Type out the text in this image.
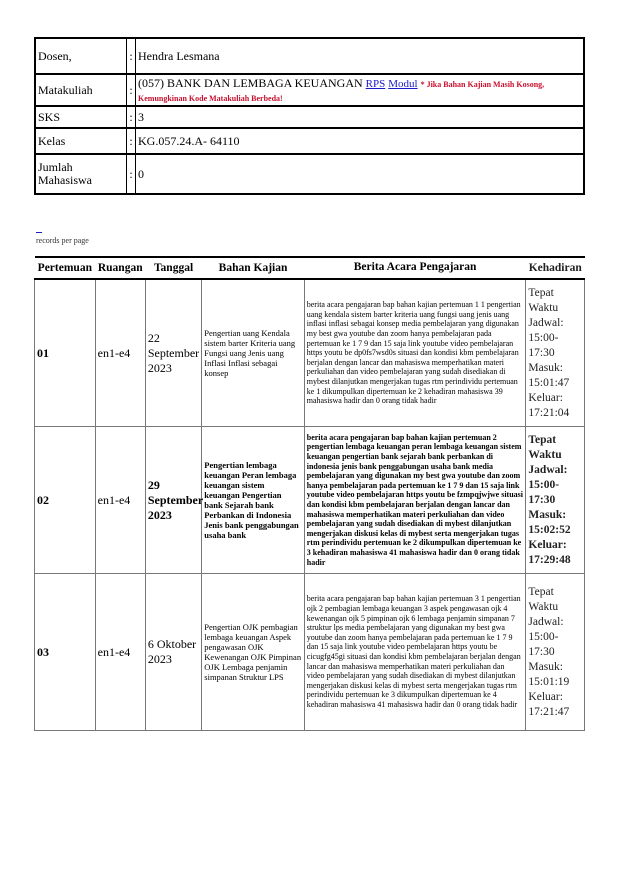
Dosen,	:	Hendra Lesmana
Matakuliah	:	(057) BANK DAN LEMBAGA KEUANGAN RPS Modul * Jika Bahan Kajian Masih Kosong, Kemungkinan Kode Matakuliah Berbeda!
SKS	:	3
Kelas	:	KG.057.24.A- 64110
Jumlah Mahasiswa	:	0
records per page
Pertemuan	Ruangan	Tanggal	Bahan Kajian	Berita Acara Pengajaran	Kehadiran
01	en1-e4	22 September 2023	Pengertian uang Kendala sistem barter Kriteria uang Fungsi uang Jenis uang Inflasi Inflasi sebagai konsep	berita acara pengajaran bap bahan kajian pertemuan 1 1 pengertian uang kendala sistem barter kriteria uang fungsi uang jenis uang inflasi inflasi sebagai konsep media pembelajaran yang digunakan my best gwa youtube dan zoom hanya pembelajaran pada pertemuan ke 1 7 9 dan 15 saja link youtube video pembelajaran https youtu be dp0fs7wsd0s situasi dan kondisi kbm pembelajaran berjalan dengan lancar dan mahasiswa memperhatikan materi perkuliahan dan video pembelajaran yang sudah disediakan di mybest dilanjutkan mengerjakan tugas rtm perindividu pertemuan ke 1 dikumpulkan dipertemuan ke 2 kehadiran mahasiswa 39 mahasiswa hadir dan 0 orang tidak hadir	Tepat Waktu Jadwal: 15:00-17:30 Masuk: 15:01:47 Keluar: 17:21:04
02	en1-e4	29 September 2023	Pengertian lembaga keuangan Peran lembaga keuangan sistem keuangan Pengertian bank Sejarah bank Perbankan di Indonesia Jenis bank penggabungan usaha bank	berita acara pengajaran bap bahan kajian pertemuan 2 pengertian lembaga keuangan peran lembaga keuangan sistem keuangan pengertian bank sejarah bank perbankan di indonesia jenis bank penggabungan usaha bank media pembelajaran yang digunakan my best gwa youtube dan zoom hanya pembelajaran pada pertemuan ke 1 7 9 dan 15 saja link youtube video pembelajaran https youtu be fzmpqjwjwe situasi dan kondisi kbm pembelajaran berjalan dengan lancar dan mahasiswa memperhatikan materi perkuliahan dan video pembelajaran yang sudah disediakan di mybest dilanjutkan mengerjakan diskusi kelas di mybest serta mengerjakan tugas rtm perindividu pertemuan ke 2 dikumpulkan dipertemuan ke 3 kehadiran mahasiswa 41 mahasiswa hadir dan 0 orang tidak hadir	Tepat Waktu Jadwal: 15:00-17:30 Masuk: 15:02:52 Keluar: 17:29:48
03	en1-e4	6 Oktober 2023	Pengertian OJK pembagian lembaga keuangan Aspek pengawasan OJK Kewenangan OJK Pimpinan OJK Lembaga penjamin simpanan Struktur LPS	berita acara pengajaran bap bahan kajian pertemuan 3 1 pengertian ojk 2 pembagian lembaga keuangan 3 aspek pengawasan ojk 4 kewenangan ojk 5 pimpinan ojk 6 lembaga penjamin simpanan 7 struktur lps media pembelajaran yang digunakan my best gwa youtube dan zoom hanya pembelajaran pada pertemuan ke 1 7 9 dan 15 saja link youtube video pembelajaran https youtu be cicugfg45gi situasi dan kondisi kbm pembelajaran berjalan dengan lancar dan mahasiswa memperhatikan materi perkuliahan dan video pembelajaran yang sudah disediakan di mybest dilanjutkan mengerjakan diskusi kelas di mybest serta mengerjakan tugas rtm perindividu pertemuan ke 3 dikumpulkan dipertemuan ke 4 kehadiran mahasiswa 41 mahasiswa hadir dan 0 orang tidak hadir	Tepat Waktu Jadwal: 15:00-17:30 Masuk: 15:01:19 Keluar: 17:21:47
